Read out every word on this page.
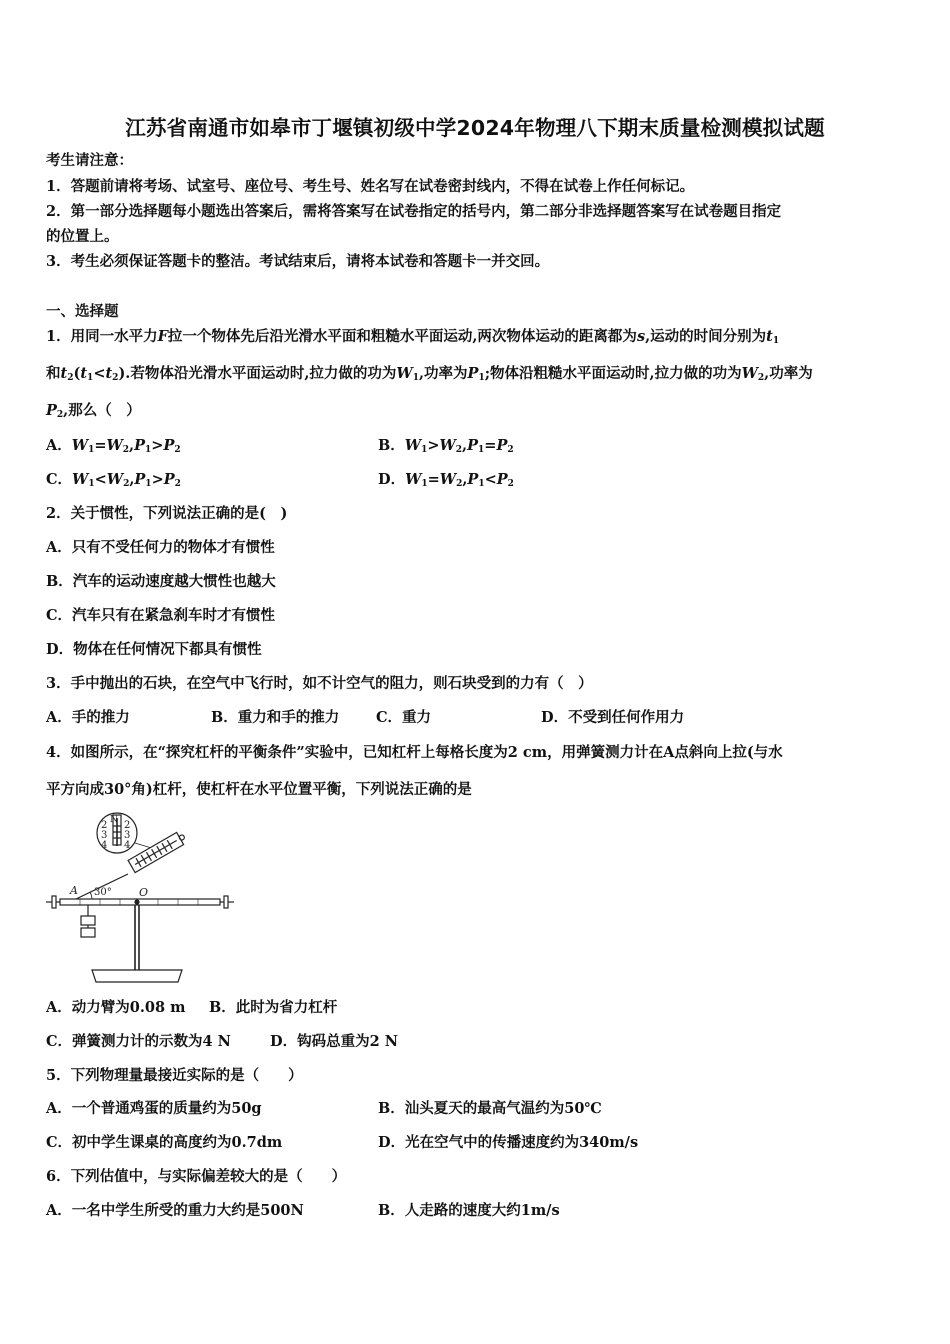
江苏省南通市如皋市丁堰镇初级中学2024年物理八下期末质量检测模拟试题
考生请注意：
1．答题前请将考场、试室号、座位号、考生号、姓名写在试卷密封线内，不得在试卷上作任何标记。
2．第一部分选择题每小题选出答案后，需将答案写在试卷指定的括号内，第二部分非选择题答案写在试卷题目指定
的位置上。
3．考生必须保证答题卡的整洁。考试结束后，请将本试卷和答题卡一并交回。
一、选择题
1．用同一水平力F拉一个物体先后沿光滑水平面和粗糙水平面运动,两次物体运动的距离都为s,运动的时间分别为$t_1$
和$t_2(t_1<t_2)$.若物体沿光滑水平面运动时,拉力做的功为$W_1$,功率为$P_1$;物体沿粗糙水平面运动时,拉力做的功为$W_2$,功率为
$P_2$,那么（　）
A．$W_1=W_2,P_1>P_2$	B．$W_1>W_2,P_1=P_2$
C．$W_1<W_2,P_1>P_2$	D．$W_1=W_2,P_1<P_2$
2．关于惯性，下列说法正确的是(　)
A．只有不受任何力的物体才有惯性
B．汽车的运动速度越大惯性也越大
C．汽车只有在紧急刹车时才有惯性
D．物体在任何情况下都具有惯性
3．手中抛出的石块，在空气中飞行时，如不计空气的阻力，则石块受到的力有（　）
A．手的推力	B．重力和手的推力	C．重力	D．不受到任何作用力
4．如图所示，在“探究杠杆的平衡条件”实验中，已知杠杆上每格长度为2 cm，用弹簧测力计在A点斜向上拉(与水
平方向成30°角)杠杆，使杠杆在水平位置平衡，下列说法正确的是
N
2
3
4
2
3
4
A 30° O
A．动力臂为0.08 m B．此时为省力杠杆
C．弹簧测力计的示数为4 N	D．钩码总重为2 N
5．下列物理量最接近实际的是（　　）
A．一个普通鸡蛋的质量约为50g	B．汕头夏天的最高气温约为50℃
C．初中学生课桌的高度约为0.7dm	D．光在空气中的传播速度约为340m/s
6．下列估值中，与实际偏差较大的是（　　）
A．一名中学生所受的重力大约是500N	B．人走路的速度大约1m/s
